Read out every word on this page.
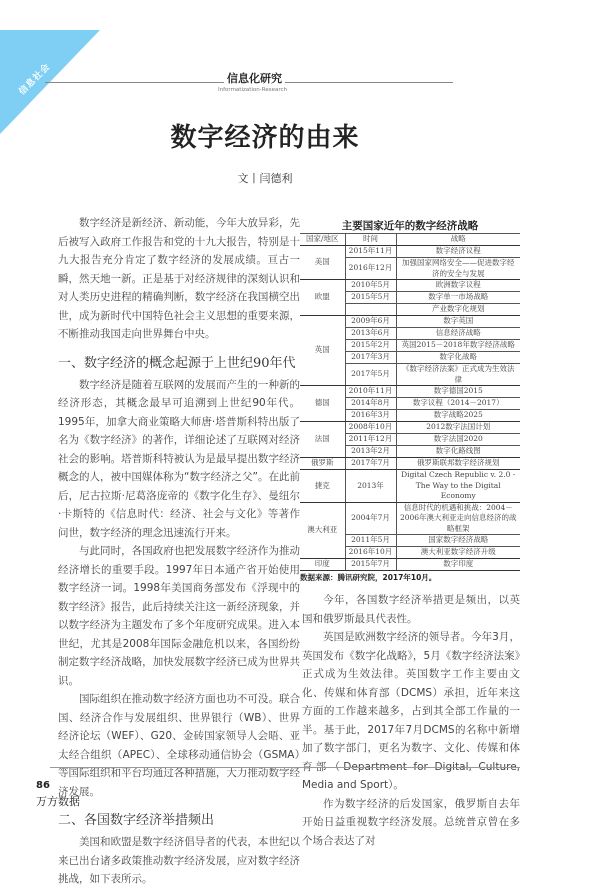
信息社会	信息化研究
Informatization-Research
数字经济的由来
文丨闫德利

数字经济是新经济、新动能，今年大放异彩，先后被写入政府工作报告和党的十九大报告，特别是十九大报告充分肯定了数字经济的发展成绩。亘古一瞬，然天地一新。正是基于对经济规律的深刻认识和对人类历史进程的精确判断，数字经济在我国横空出世，成为新时代中国特色社会主义思想的重要来源，不断推动我国走向世界舞台中央。

一、数字经济的概念起源于上世纪90年代

数字经济是随着互联网的发展而产生的一种新的经济形态，其概念最早可追溯到上世纪90年代。1995年，加拿大商业策略大师唐·塔普斯科特出版了名为《数字经济》的著作，详细论述了互联网对经济社会的影响。塔普斯科特被认为是最早提出数字经济概念的人，被中国媒体称为“数字经济之父”。在此前后，尼古拉斯·尼葛洛庞帝的《数字化生存》、曼纽尔·卡斯特的《信息时代：经济、社会与文化》等著作问世，数字经济的理念迅速流行开来。

与此同时，各国政府也把发展数字经济作为推动经济增长的重要手段。1997年日本通产省开始使用数字经济一词。1998年美国商务部发布《浮现中的数字经济》报告，此后持续关注这一新经济现象，并以数字经济为主题发布了多个年度研究成果。进入本世纪，尤其是2008年国际金融危机以来，各国纷纷制定数字经济战略，加快发展数字经济已成为世界共识。

国际组织在推动数字经济方面也功不可没。联合国、经济合作与发展组织、世界银行（WB）、世界经济论坛（WEF）、G20、金砖国家领导人会晤、亚太经合组织（APEC）、全球移动通信协会（GSMA）等国际组织和平台均通过各种措施，大力推动数字经济发展。

二、各国数字经济举措频出

美国和欧盟是数字经济倡导者的代表，本世纪以来已出台诸多政策推动数字经济发展，应对数字经济挑战，如下表所示。

主要国家近年的数字经济战略
国家/地区	时间	战略
美国	2015年11月	数字经济议程
	2016年12月	加强国家网络安全——促进数字经济的安全与发展
欧盟	2010年5月	欧洲数字议程
	2015年5月	数字单一市场战略
		产业数字化规划
英国	2009年6月	数字英国
	2013年6月	信息经济战略
	2015年2月	英国2015－2018年数字经济战略
	2017年3月	数字化战略
	2017年5月	《数字经济法案》正式成为生效法律
德国	2010年11月	数字德国2015
	2014年8月	数字议程（2014－2017）
	2016年3月	数字战略2025
法国	2008年10月	2012数字法国计划
	2011年12月	数字法国2020
	2013年2月	数字化路线图
俄罗斯	2017年7月	俄罗斯联邦数字经济规划
捷克	2013年	Digital Czech Republic v. 2.0 - The Way to the Digital Economy
澳大利亚	2004年7月	信息时代的机遇和挑战：2004－2006年澳大利亚走向信息经济的战略框架
	2011年5月	国家数字经济战略
	2016年10月	澳大利亚数字经济升级
印度	2015年7月	数字印度
数据来源：腾讯研究院，2017年10月。

今年，各国数字经济举措更是频出，以英国和俄罗斯最具代表性。

英国是欧洲数字经济的领导者。今年3月，英国发布《数字化战略》，5月《数字经济法案》正式成为生效法律。英国数字工作主要由文化、传媒和体育部（DCMS）承担，近年来这方面的工作越来越多，占到其全部工作量的一半。基于此，2017年7月DCMS的名称中新增加了数字部门，更名为数字、文化、传媒和体育部（Department for Digital, Culture, Media and Sport）。

作为数字经济的后发国家，俄罗斯自去年开始日益重视数字经济发展。总统普京曾在多个场合表达了对

86
万方数据
